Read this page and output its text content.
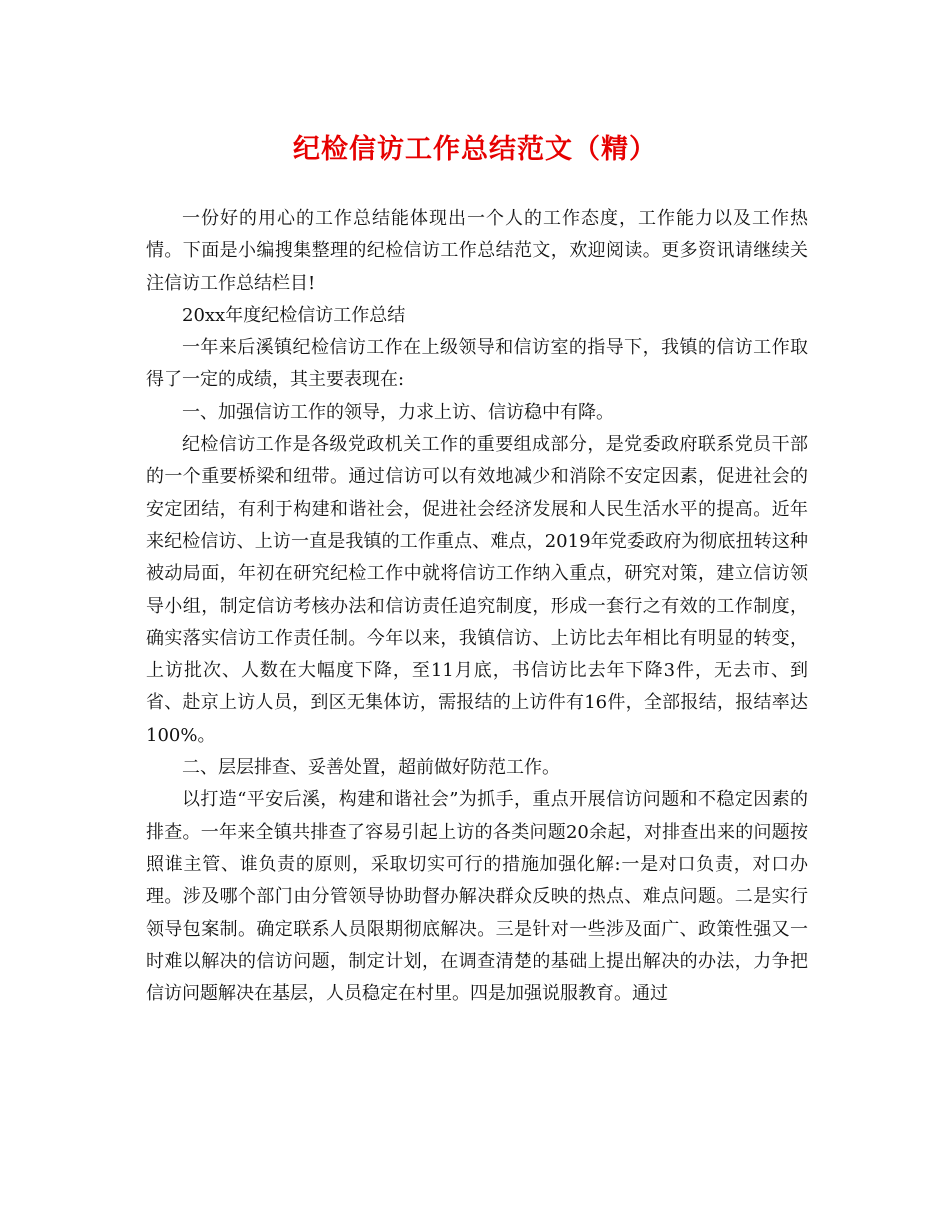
纪检信访工作总结范文（精）

一份好的用心的工作总结能体现出一个人的工作态度，工作能力以及工作热情。下面是小编搜集整理的纪检信访工作总结范文，欢迎阅读。更多资讯请继续关注信访工作总结栏目!

20xx年度纪检信访工作总结

一年来后溪镇纪检信访工作在上级领导和信访室的指导下，我镇的信访工作取得了一定的成绩，其主要表现在:

一、加强信访工作的领导，力求上访、信访稳中有降。

纪检信访工作是各级党政机关工作的重要组成部分，是党委政府联系党员干部的一个重要桥梁和纽带。通过信访可以有效地减少和消除不安定因素，促进社会的安定团结，有利于构建和谐社会，促进社会经济发展和人民生活水平的提高。近年来纪检信访、上访一直是我镇的工作重点、难点，2019年党委政府为彻底扭转这种被动局面，年初在研究纪检工作中就将信访工作纳入重点，研究对策，建立信访领导小组，制定信访考核办法和信访责任追究制度，形成一套行之有效的工作制度，确实落实信访工作责任制。今年以来，我镇信访、上访比去年相比有明显的转变，上访批次、人数在大幅度下降，至11月底，书信访比去年下降3件，无去市、到省、赴京上访人员，到区无集体访，需报结的上访件有16件，全部报结，报结率达100%。

二、层层排查、妥善处置，超前做好防范工作。

以打造“平安后溪，构建和谐社会”为抓手，重点开展信访问题和不稳定因素的排查。一年来全镇共排查了容易引起上访的各类问题20余起，对排查出来的问题按照谁主管、谁负责的原则，采取切实可行的措施加强化解:一是对口负责，对口办理。涉及哪个部门由分管领导协助督办解决群众反映的热点、难点问题。二是实行领导包案制。确定联系人员限期彻底解决。三是针对一些涉及面广、政策性强又一时难以解决的信访问题，制定计划，在调查清楚的基础上提出解决的办法，力争把信访问题解决在基层，人员稳定在村里。四是加强说服教育。通过
